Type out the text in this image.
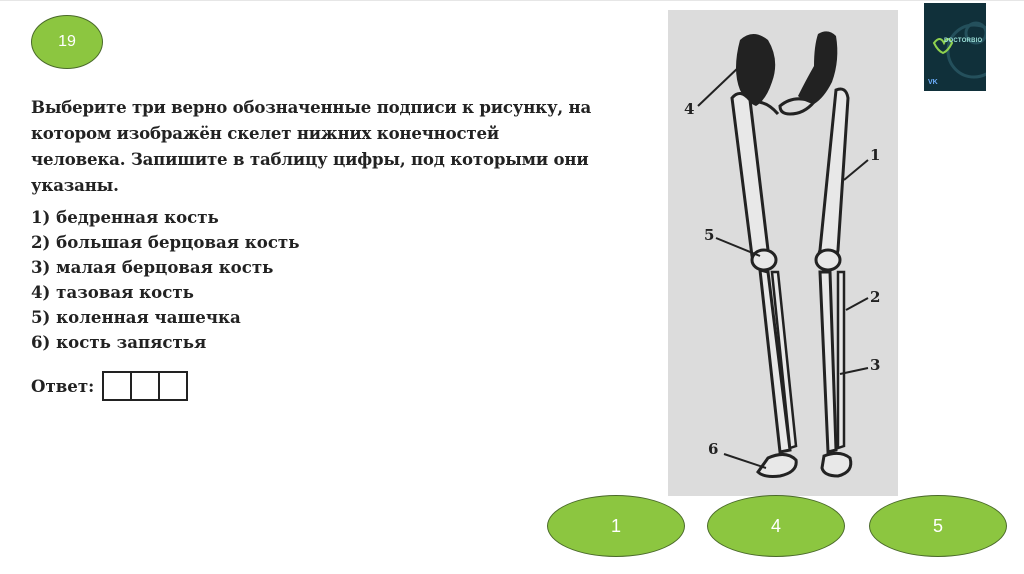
19

Выберите три верно обозначенные подписи к рисунку, на котором изображён скелет нижних конечностей человека. Запишите в таблицу цифры, под которыми они указаны.

1) бедренная кость
2) большая берцовая кость
3) малая берцовая кость
4) тазовая кость
5) коленная чашечка
6) кость запястья
Ответ:
4
1
5
2
3
6
DOCTORBIO
VK
1	4	5
